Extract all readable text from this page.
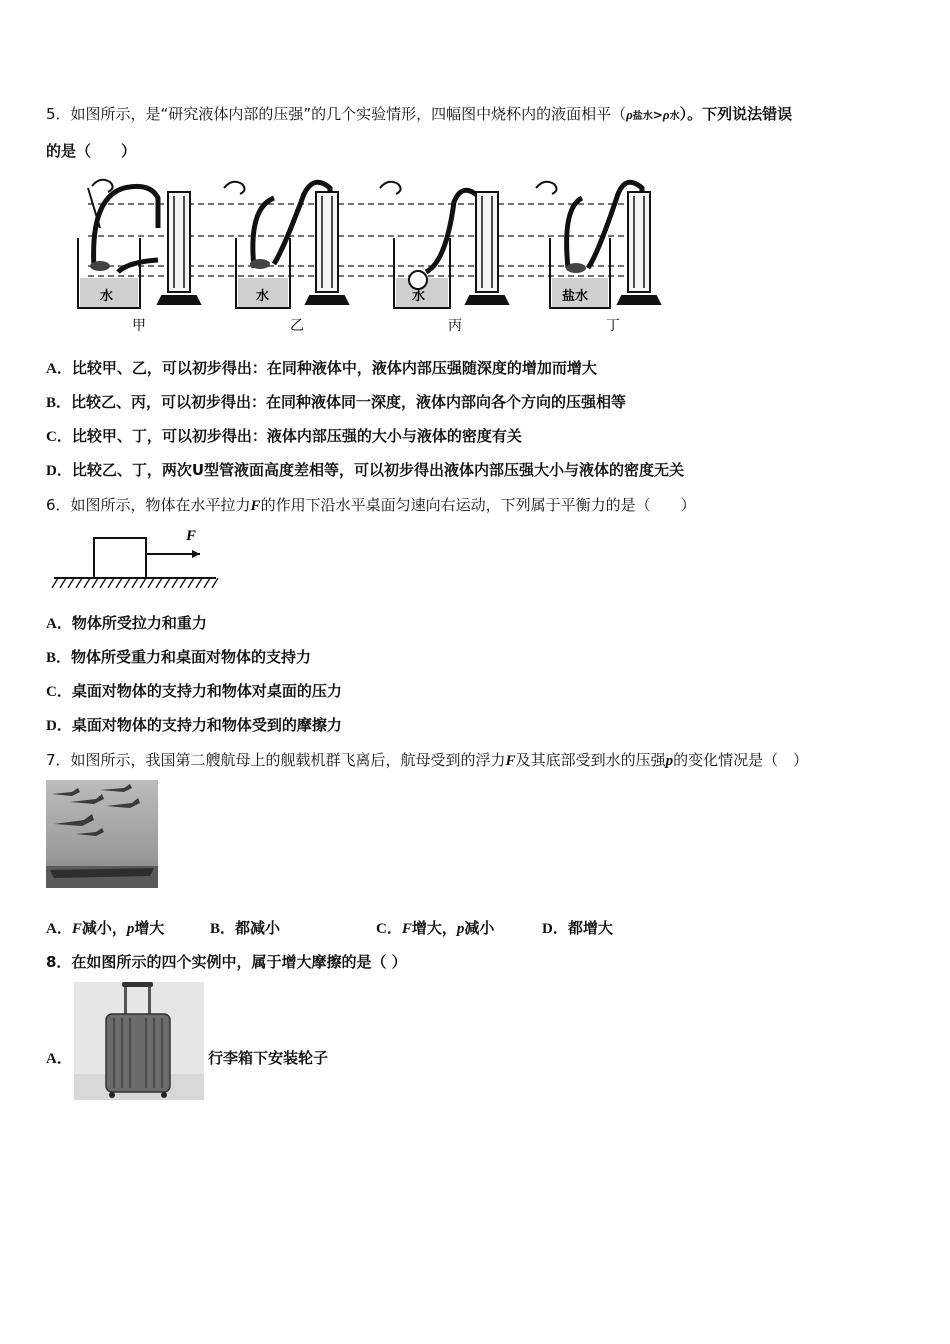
5．如图所示，是“研究液体内部的压强”的几个实验情形，四幅图中烧杯内的液面相平（ρ盐水>ρ水）。下列说法错误
的是（　　）
水
甲
水
乙
水
丙
盐水
丁
A．比较甲、乙，可以初步得出：在同种液体中，液体内部压强随深度的增加而增大
B．比较乙、丙，可以初步得出：在同种液体同一深度，液体内部向各个方向的压强相等
C．比较甲、丁，可以初步得出：液体内部压强的大小与液体的密度有关
D．比较乙、丁，两次U型管液面高度差相等，可以初步得出液体内部压强大小与液体的密度无关
6．如图所示，物体在水平拉力F的作用下沿水平桌面匀速向右运动，下列属于平衡力的是（　　）
F
A．物体所受拉力和重力
B．物体所受重力和桌面对物体的支持力
C．桌面对物体的支持力和物体对桌面的压力
D．桌面对物体的支持力和物体受到的摩擦力
7．如图所示，我国第二艘航母上的舰载机群飞离后，航母受到的浮力F及其底部受到水的压强p的变化情况是（　）
A．F减小，p增大	B．都减小	C．F增大，p减小	D．都增大
8．在如图所示的四个实例中，属于增大摩擦的是（ ）
A．	行李箱下安装轮子
